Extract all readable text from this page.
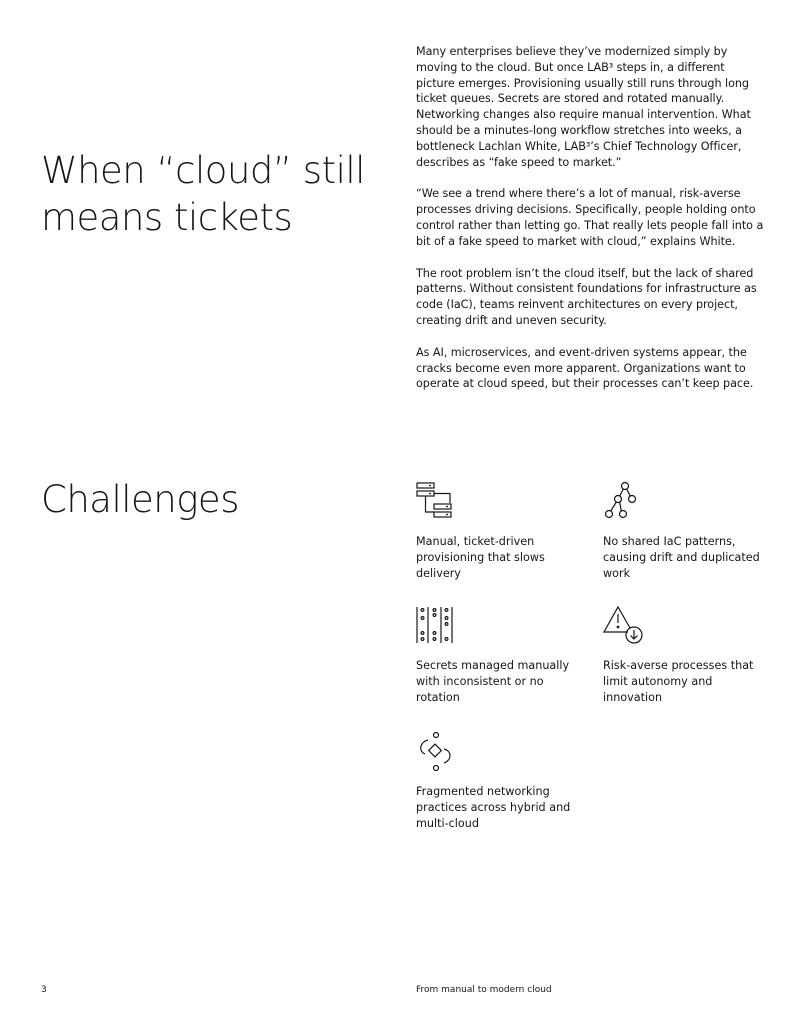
When “cloud” still means tickets

Many enterprises believe they’ve modernized simply by moving to the cloud. But once LAB³ steps in, a different picture emerges. Provisioning usually still runs through long ticket queues. Secrets are stored and rotated manually. Networking changes also require manual intervention. What should be a minutes-long workflow stretches into weeks, a bottleneck Lachlan White, LAB³’s Chief Technology Officer, describes as “fake speed to market.”

“We see a trend where there’s a lot of manual, risk-averse processes driving decisions. Specifically, people holding onto control rather than letting go. That really lets people fall into a bit of a fake speed to market with cloud,” explains White.

The root problem isn’t the cloud itself, but the lack of shared patterns. Without consistent foundations for infrastructure as code (IaC), teams reinvent architectures on every project, creating drift and uneven security.

As AI, microservices, and event-driven systems appear, the cracks become even more apparent. Organizations want to operate at cloud speed, but their processes can’t keep pace.

Challenges
Manual, ticket-driven provisioning that slows delivery
No shared IaC patterns, causing drift and duplicated work
Secrets managed manually with inconsistent or no rotation
Risk-averse processes that limit autonomy and innovation
Fragmented networking practices across hybrid and multi-cloud
3	From manual to modern cloud
